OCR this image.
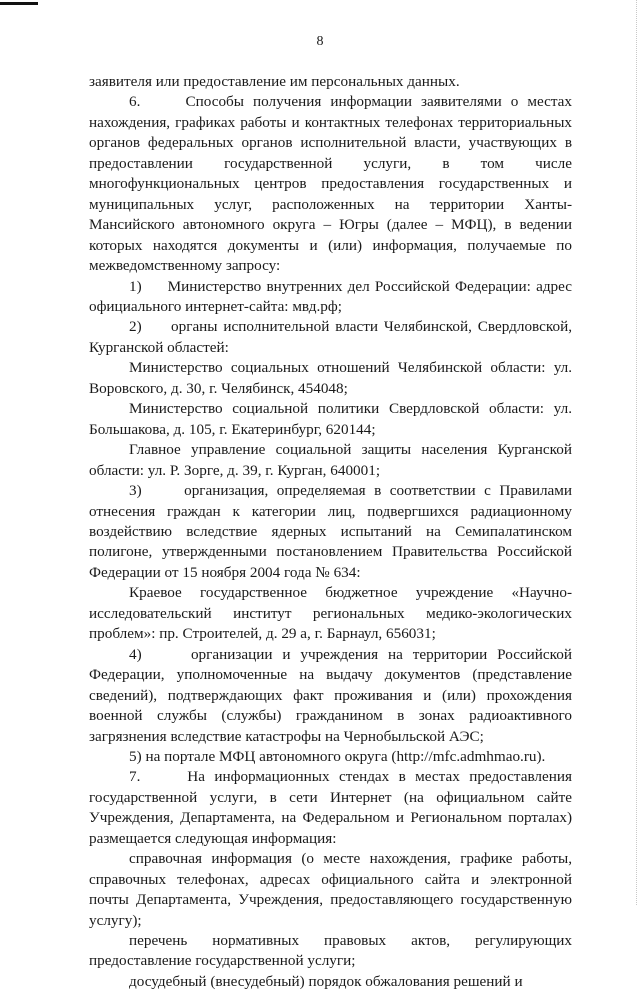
8

заявителя или предоставление им персональных данных.

6.     Способы получения информации заявителями о местах нахождения, графиках работы и контактных телефонах территориальных органов федеральных органов исполнительной власти, участвующих в предоставлении государственной услуги, в том числе многофункциональных центров предоставления государственных и муниципальных услуг, расположенных на территории Ханты-Мансийского автономного округа – Югры (далее – МФЦ), в ведении которых находятся документы и (или) информация, получаемые по межведомственному запросу:

1)     Министерство внутренних дел Российской Федерации: адрес официального интернет-сайта: мвд.рф;

2)     органы исполнительной власти Челябинской, Свердловской, Курганской областей:

Министерство социальных отношений Челябинской области: ул. Воровского, д. 30, г. Челябинск, 454048;

Министерство социальной политики Свердловской области: ул. Большакова, д. 105, г. Екатеринбург, 620144;

Главное управление социальной защиты населения Курганской области: ул. Р. Зорге, д. 39, г. Курган, 640001;

3)     организация, определяемая в соответствии с Правилами отнесения граждан к категории лиц, подвергшихся радиационному воздействию вследствие ядерных испытаний на Семипалатинском полигоне, утвержденными постановлением Правительства Российской Федерации от 15 ноября 2004 года № 634:

Краевое государственное бюджетное учреждение «Научно-исследовательский институт региональных медико-экологических проблем»: пр. Строителей, д. 29 а, г. Барнаул, 656031;

4)     организации и учреждения на территории Российской Федерации, уполномоченные на выдачу документов (представление сведений), подтверждающих факт проживания и (или) прохождения военной службы (службы) гражданином в зонах радиоактивного загрязнения вследствие катастрофы на Чернобыльской АЭС;

5) на портале МФЦ автономного округа (http://mfc.admhmao.ru).

7.     На информационных стендах в местах предоставления государственной услуги, в сети Интернет (на официальном сайте Учреждения, Департамента, на Федеральном и Региональном порталах) размещается следующая информация:

справочная информация (о месте нахождения, графике работы, справочных телефонах, адресах официального сайта и электронной почты Департамента, Учреждения, предоставляющего государственную услугу);

перечень нормативных правовых актов, регулирующих предоставление государственной услуги;

досудебный (внесудебный) порядок обжалования решений и
